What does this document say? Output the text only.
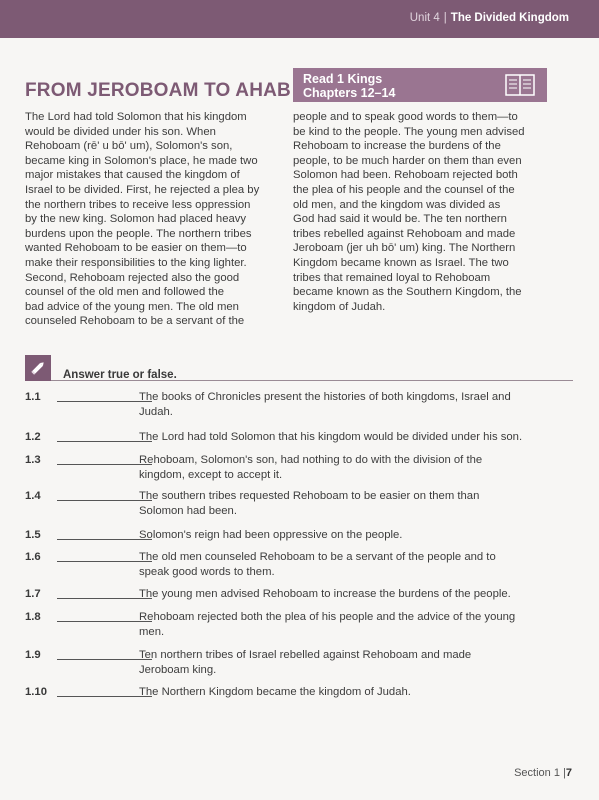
Unit 4 | The Divided Kingdom
FROM JEROBOAM TO AHAB
Read 1 Kings
Chapters 12–14
The Lord had told Solomon that his kingdom
would be divided under his son. When
Rehoboam (rē' u bō' um), Solomon's son,
became king in Solomon's place, he made two
major mistakes that caused the kingdom of
Israel to be divided. First, he rejected a plea by
the northern tribes to receive less oppression
by the new king. Solomon had placed heavy
burdens upon the people. The northern tribes
wanted Rehoboam to be easier on them—to
make their responsibilities to the king lighter.
Second, Rehoboam rejected also the good
counsel of the old men and followed the
bad advice of the young men. The old men
counseled Rehoboam to be a servant of the
people and to speak good words to them—to
be kind to the people. The young men advised
Rehoboam to increase the burdens of the
people, to be much harder on them than even
Solomon had been. Rehoboam rejected both
the plea of his people and the counsel of the
old men, and the kingdom was divided as
God had said it would be. The ten northern
tribes rebelled against Rehoboam and made
Jeroboam (jer uh bō' um) king. The Northern
Kingdom became known as Israel. The two
tribes that remained loyal to Rehoboam
became known as the Southern Kingdom, the
kingdom of Judah.
Answer true or false.
1.1	The books of Chronicles present the histories of both kingdoms, Israel and
Judah.
1.2	The Lord had told Solomon that his kingdom would be divided under his son.
1.3	Rehoboam, Solomon's son, had nothing to do with the division of the
kingdom, except to accept it.
1.4	The southern tribes requested Rehoboam to be easier on them than
Solomon had been.
1.5	Solomon's reign had been oppressive on the people.
1.6	The old men counseled Rehoboam to be a servant of the people and to
speak good words to them.
1.7	The young men advised Rehoboam to increase the burdens of the people.
1.8	Rehoboam rejected both the plea of his people and the advice of the young
men.
1.9	Ten northern tribes of Israel rebelled against Rehoboam and made
Jeroboam king.
1.10	The Northern Kingdom became the kingdom of Judah.
Section 1 |7
